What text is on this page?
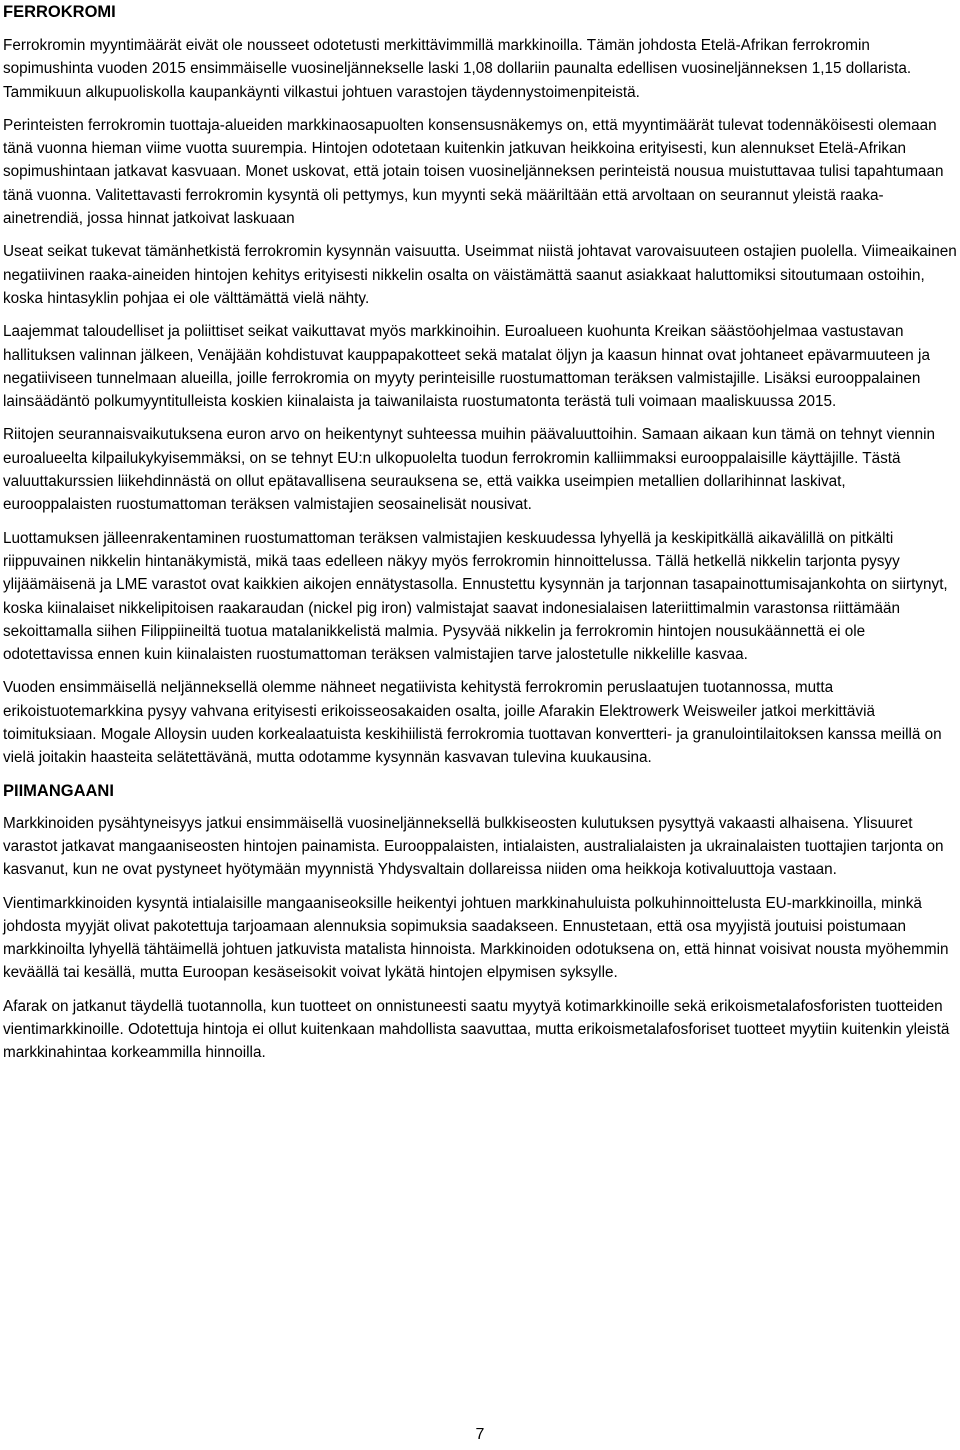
FERROKROMI

Ferrokromin myyntimäärät eivät ole nousseet odotetusti merkittävimmillä markkinoilla. Tämän johdosta Etelä-Afrikan ferrokromin sopimushinta vuoden 2015 ensimmäiselle vuosineljännekselle laski 1,08 dollariin paunalta edellisen vuosineljänneksen 1,15 dollarista. Tammikuun alkupuoliskolla kaupankäynti vilkastui johtuen varastojen täydennystoimenpiteistä.

Perinteisten ferrokromin tuottaja-alueiden markkinaosapuolten konsensusnäkemys on, että myyntimäärät tulevat todennäköisesti olemaan tänä vuonna hieman viime vuotta suurempia. Hintojen odotetaan kuitenkin jatkuvan heikkoina erityisesti, kun alennukset Etelä-Afrikan sopimushintaan jatkavat kasvuaan. Monet uskovat, että jotain toisen vuosineljänneksen perinteistä nousua muistuttavaa tulisi tapahtumaan tänä vuonna. Valitettavasti ferrokromin kysyntä oli pettymys, kun myynti sekä määriltään että arvoltaan on seurannut yleistä raaka-ainetrendiä, jossa hinnat jatkoivat laskuaan

Useat seikat tukevat tämänhetkistä ferrokromin kysynnän vaisuutta. Useimmat niistä johtavat varovaisuuteen ostajien puolella. Viimeaikainen negatiivinen raaka-aineiden hintojen kehitys erityisesti nikkelin osalta on väistämättä saanut asiakkaat haluttomiksi sitoutumaan ostoihin, koska hintasyklin pohjaa ei ole välttämättä vielä nähty.

Laajemmat taloudelliset ja poliittiset seikat vaikuttavat myös markkinoihin. Euroalueen kuohunta Kreikan säästöohjelmaa vastustavan hallituksen valinnan jälkeen, Venäjään kohdistuvat kauppapakotteet sekä matalat öljyn ja kaasun hinnat ovat johtaneet epävarmuuteen ja negatiiviseen tunnelmaan alueilla, joille ferrokromia on myyty perinteisille ruostumattoman teräksen valmistajille. Lisäksi eurooppalainen lainsäädäntö polkumyyntitulleista koskien kiinalaista ja taiwanilaista ruostumatonta terästä tuli voimaan maaliskuussa 2015.

Riitojen seurannaisvaikutuksena euron arvo on heikentynyt suhteessa muihin päävaluuttoihin. Samaan aikaan kun tämä on tehnyt viennin euroalueelta kilpailukykyisemmäksi, on se tehnyt EU:n ulkopuolelta tuodun ferrokromin kalliimmaksi eurooppalaisille käyttäjille. Tästä valuuttakurssien liikehdinnästä on ollut epätavallisena seurauksena se, että vaikka useimpien metallien dollarihinnat laskivat, eurooppalaisten ruostumattoman teräksen valmistajien seosainelisät nousivat.

Luottamuksen jälleenrakentaminen ruostumattoman teräksen valmistajien keskuudessa lyhyellä ja keskipitkällä aikavälillä on pitkälti riippuvainen nikkelin hintanäkymistä, mikä taas edelleen näkyy myös ferrokromin hinnoittelussa. Tällä hetkellä nikkelin tarjonta pysyy ylijäämäisenä ja LME varastot ovat kaikkien aikojen ennätystasolla. Ennustettu kysynnän ja tarjonnan tasapainottumisajankohta on siirtynyt, koska kiinalaiset nikkelipitoisen raakaraudan (nickel pig iron) valmistajat saavat indonesialaisen lateriittimalmin varastonsa riittämään sekoittamalla siihen Filippiineiltä tuotua matalanikkelistä malmia. Pysyvää nikkelin ja ferrokromin hintojen nousukäännettä ei ole odotettavissa ennen kuin kiinalaisten ruostumattoman teräksen valmistajien tarve jalostetulle nikkelille kasvaa.

Vuoden ensimmäisellä neljänneksellä olemme nähneet negatiivista kehitystä ferrokromin peruslaatujen tuotannossa, mutta erikoistuotemarkkina pysyy vahvana erityisesti erikoisseosakaiden osalta, joille Afarakin Elektrowerk Weisweiler jatkoi merkittäviä toimituksiaan. Mogale Alloysin uuden korkealaatuista keskihiilistä ferrokromia tuottavan konvertteri- ja granulointilaitoksen kanssa meillä on vielä joitakin haasteita selätettävänä, mutta odotamme kysynnän kasvavan tulevina kuukausina.

PIIMANGAANI

Markkinoiden pysähtyneisyys jatkui ensimmäisellä vuosineljänneksellä bulkkiseosten kulutuksen pysyttyä vakaasti alhaisena. Ylisuuret varastot jatkavat mangaaniseosten hintojen painamista. Eurooppalaisten, intialaisten, australialaisten ja ukrainalaisten tuottajien tarjonta on kasvanut, kun ne ovat pystyneet hyötymään myynnistä Yhdysvaltain dollareissa niiden oma heikkoja kotivaluuttoja vastaan.

Vientimarkkinoiden kysyntä intialaisille mangaaniseoksille heikentyi johtuen markkinahuluista polkuhinnoittelusta EU-markkinoilla, minkä johdosta myyjät olivat pakotettuja tarjoamaan alennuksia sopimuksia saadakseen. Ennustetaan, että osa myyjistä joutuisi poistumaan markkinoilta lyhyellä tähtäimellä johtuen jatkuvista matalista hinnoista. Markkinoiden odotuksena on, että hinnat voisivat nousta myöhemmin keväällä tai kesällä, mutta Euroopan kesäseisokit voivat lykätä hintojen elpymisen syksylle.

Afarak on jatkanut täydellä tuotannolla, kun tuotteet on onnistuneesti saatu myytyä kotimarkkinoille sekä erikoismetalafosforisten tuotteiden vientimarkkinoille. Odotettuja hintoja ei ollut kuitenkaan mahdollista saavuttaa, mutta erikoismetalafosforiset tuotteet myytiin kuitenkin yleistä markkinahintaa korkeammilla hinnoilla.

7
